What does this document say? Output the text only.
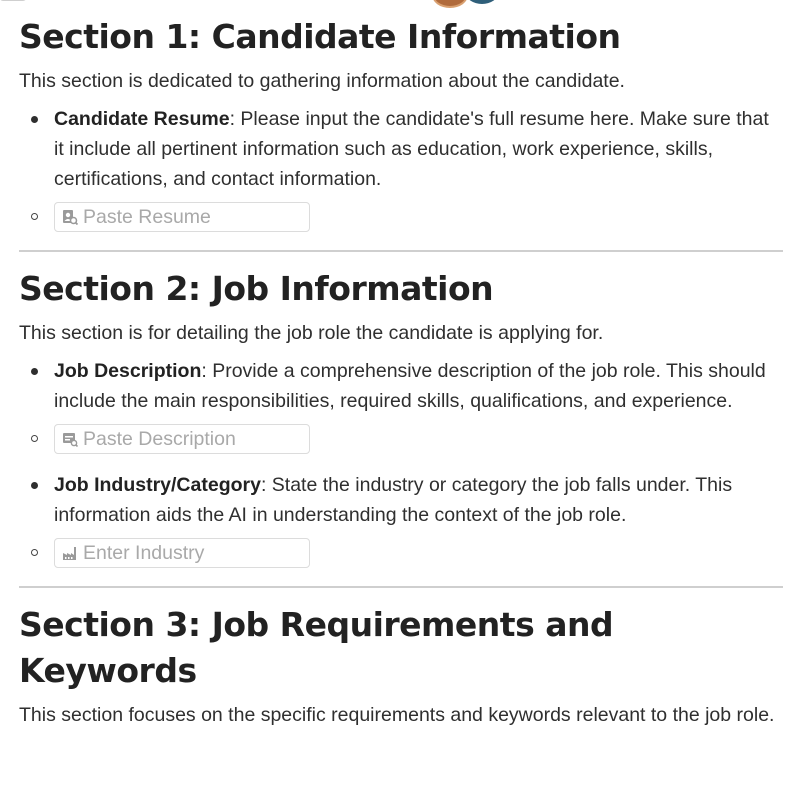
Section 1: Candidate Information

This section is dedicated to gathering information about the candidate.

Candidate Resume: Please input the candidate's full resume here. Make sure that it include all pertinent information such as education, work experience, skills, certifications, and contact information.
Paste Resume
Section 2: Job Information

This section is for detailing the job role the candidate is applying for.

Job Description: Provide a comprehensive description of the job role. This should include the main responsibilities, required skills, qualifications, and experience.
Paste Description
Job Industry/Category: State the industry or category the job falls under. This information aids the AI in understanding the context of the job role.
Enter Industry
Section 3: Job Requirements and Keywords

This section focuses on the specific requirements and keywords relevant to the job role.
